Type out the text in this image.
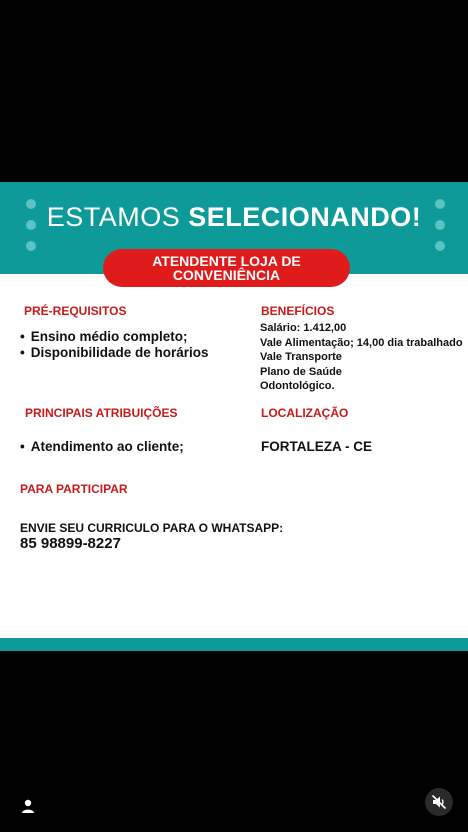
ESTAMOS SELECIONANDO!
ATENDENTE LOJA DE
CONVENIÊNCIA
PRÉ-REQUISITOS
• Ensino médio completo;
• Disponibilidade de horários
BENEFÍCIOS
Salário: 1.412,00
Vale Alimentação; 14,00 dia trabalhado
Vale Transporte
Plano de Saúde
Odontológico.
PRINCIPAIS ATRIBUIÇÕES
• Atendimento ao cliente;
LOCALIZAÇÃO
FORTALEZA - CE
PARA PARTICIPAR
ENVIE SEU CURRICULO PARA O WHATSAPP:
85 98899-8227
